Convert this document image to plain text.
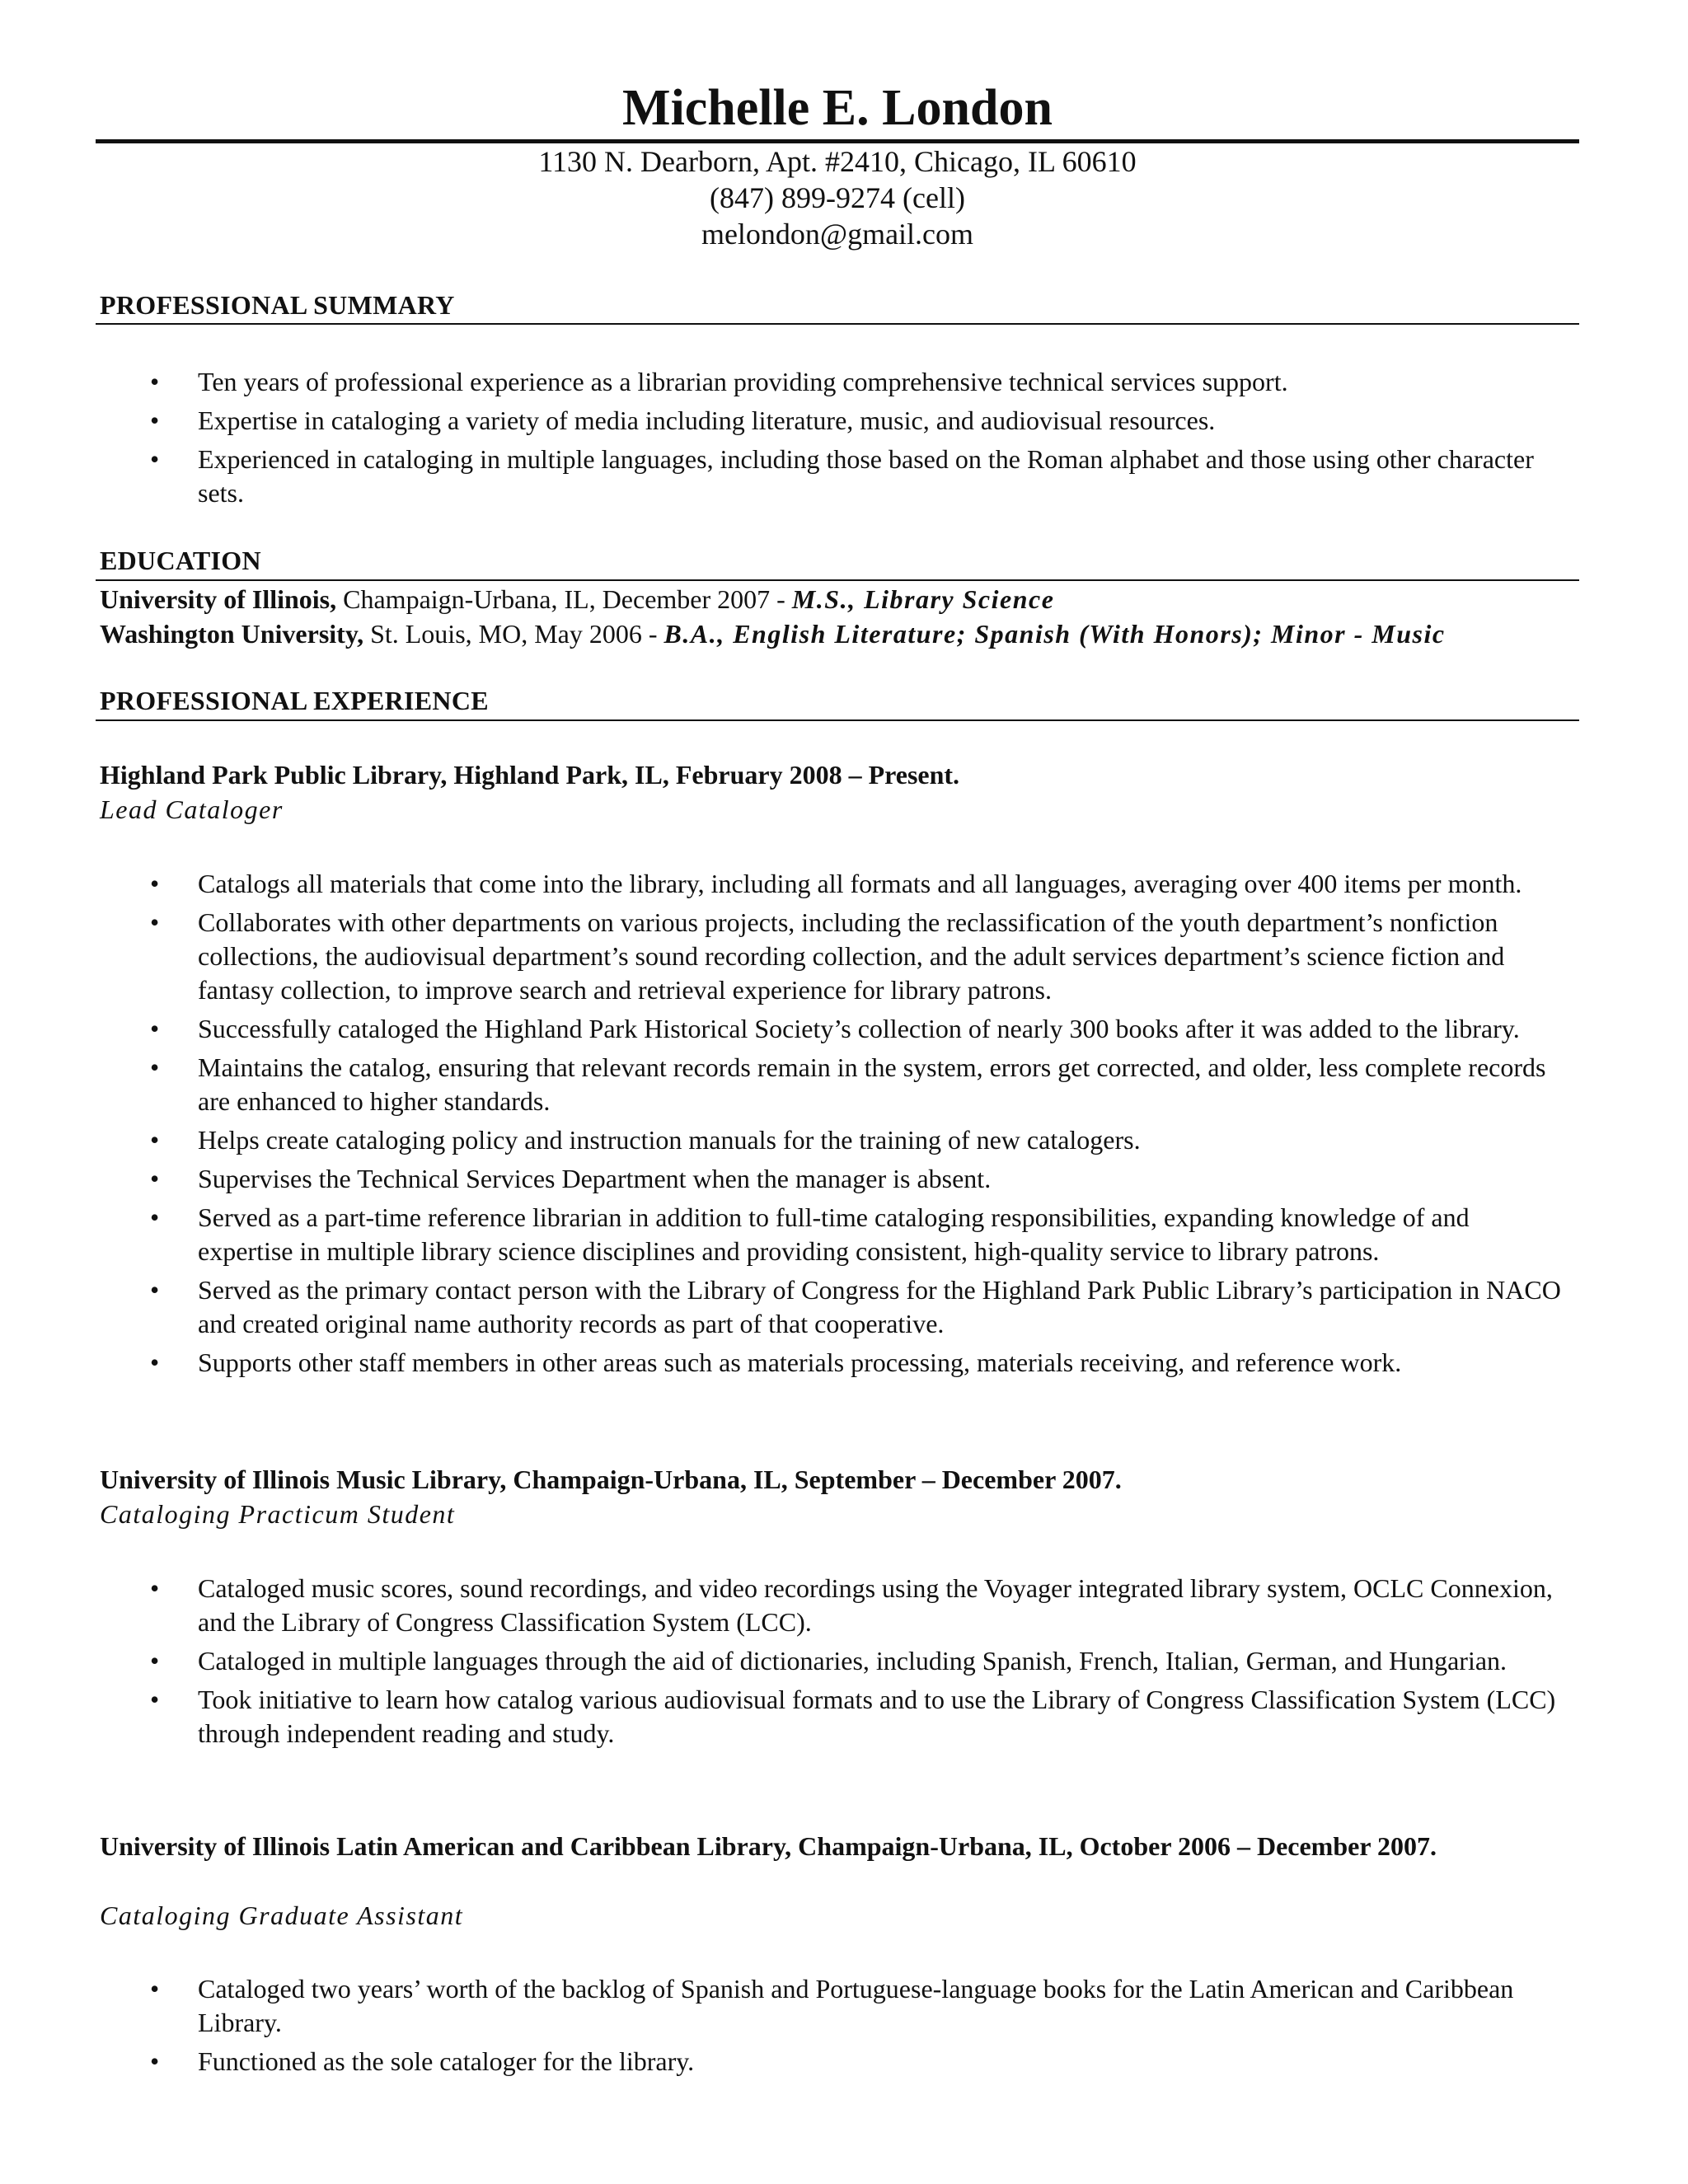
Michelle E. London
1130 N. Dearborn, Apt. #2410, Chicago, IL 60610
(847) 899-9274 (cell)
melondon@gmail.com
PROFESSIONAL SUMMARY
• Ten years of professional experience as a librarian providing comprehensive technical services support.
• Expertise in cataloging a variety of media including literature, music, and audiovisual resources.
• Experienced in cataloging in multiple languages, including those based on the Roman alphabet and those using other character sets.
EDUCATION
University of Illinois, Champaign-Urbana, IL, December 2007 - M.S., Library Science
Washington University, St. Louis, MO, May 2006 - B.A., English Literature; Spanish (With Honors); Minor - Music
PROFESSIONAL EXPERIENCE
Highland Park Public Library, Highland Park, IL, February 2008 – Present.
Lead Cataloger
• Catalogs all materials that come into the library, including all formats and all languages, averaging over 400 items per month.
• Collaborates with other departments on various projects, including the reclassification of the youth department’s nonfiction collections, the audiovisual department’s sound recording collection, and the adult services department’s science fiction and fantasy collection, to improve search and retrieval experience for library patrons.
• Successfully cataloged the Highland Park Historical Society’s collection of nearly 300 books after it was added to the library.
• Maintains the catalog, ensuring that relevant records remain in the system, errors get corrected, and older, less complete records are enhanced to higher standards.
• Helps create cataloging policy and instruction manuals for the training of new catalogers.
• Supervises the Technical Services Department when the manager is absent.
• Served as a part-time reference librarian in addition to full-time cataloging responsibilities, expanding knowledge of and expertise in multiple library science disciplines and providing consistent, high-quality service to library patrons.
• Served as the primary contact person with the Library of Congress for the Highland Park Public Library’s participation in NACO and created original name authority records as part of that cooperative.
• Supports other staff members in other areas such as materials processing, materials receiving, and reference work.
University of Illinois Music Library, Champaign-Urbana, IL, September – December 2007.
Cataloging Practicum Student
• Cataloged music scores, sound recordings, and video recordings using the Voyager integrated library system, OCLC Connexion, and the Library of Congress Classification System (LCC).
• Cataloged in multiple languages through the aid of dictionaries, including Spanish, French, Italian, German, and Hungarian.
• Took initiative to learn how catalog various audiovisual formats and to use the Library of Congress Classification System (LCC) through independent reading and study.
University of Illinois Latin American and Caribbean Library, Champaign-Urbana, IL, October 2006 – December 2007.
Cataloging Graduate Assistant
• Cataloged two years’ worth of the backlog of Spanish and Portuguese-language books for the Latin American and Caribbean Library.
• Functioned as the sole cataloger for the library.
